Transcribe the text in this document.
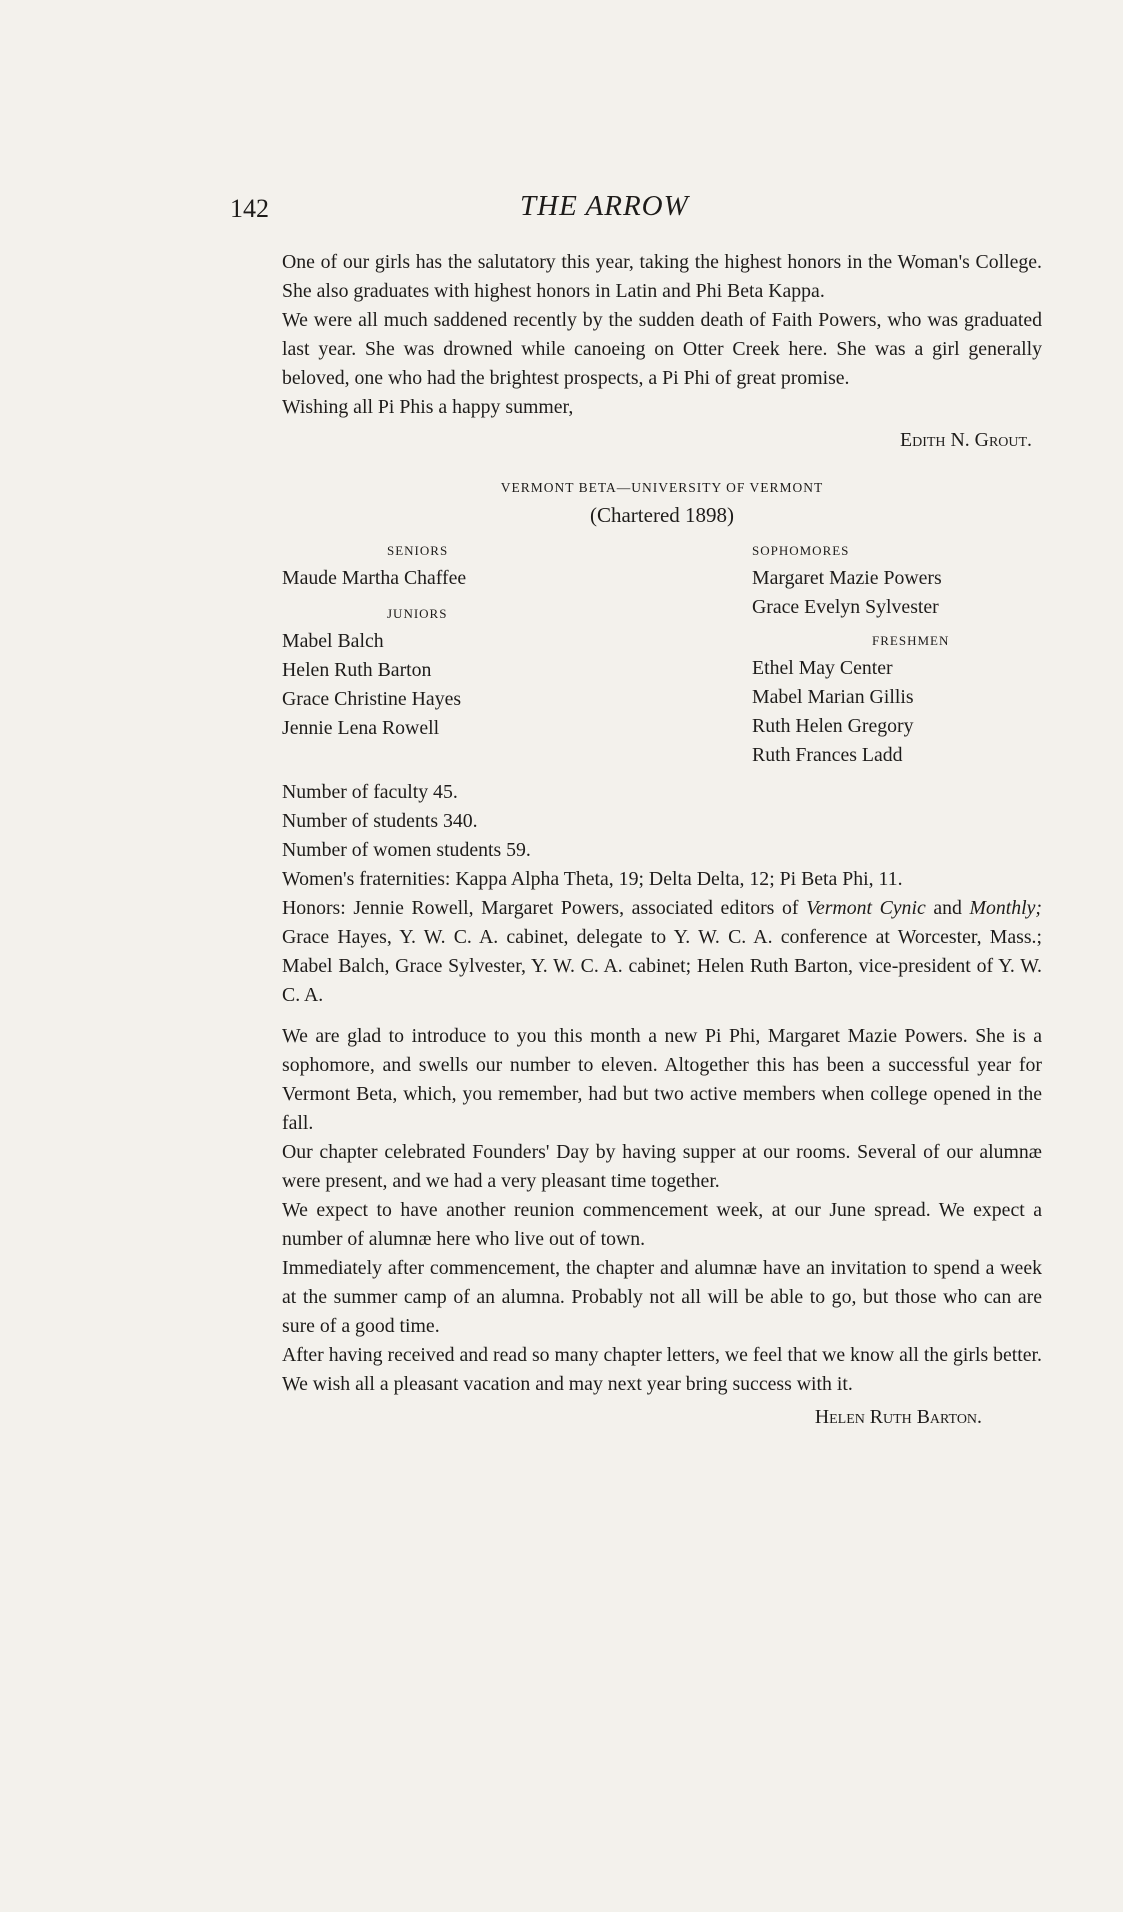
142	THE ARROW

One of our girls has the salutatory this year, taking the highest honors in the Woman's College. She also graduates with highest honors in Latin and Phi Beta Kappa.

We were all much saddened recently by the sudden death of Faith Powers, who was graduated last year. She was drowned while canoeing on Otter Creek here. She was a girl generally beloved, one who had the brightest prospects, a Pi Phi of great promise.

Wishing all Pi Phis a happy summer,

Edith N. Grout.
VERMONT BETA—UNIVERSITY OF VERMONT
(Chartered 1898)
SENIORS
Maude Martha Chaffee
JUNIORS
Mabel Balch
Helen Ruth Barton
Grace Christine Hayes
Jennie Lena Rowell
SOPHOMORES
Margaret Mazie Powers
Grace Evelyn Sylvester
FRESHMEN
Ethel May Center
Mabel Marian Gillis
Ruth Helen Gregory
Ruth Frances Ladd

Number of faculty 45.

Number of students 340.

Number of women students 59.

Women's fraternities: Kappa Alpha Theta, 19; Delta Delta, 12; Pi Beta Phi, 11.

Honors: Jennie Rowell, Margaret Powers, associated editors of Vermont Cynic and Monthly; Grace Hayes, Y. W. C. A. cabinet, delegate to Y. W. C. A. conference at Worcester, Mass.; Mabel Balch, Grace Sylvester, Y. W. C. A. cabinet; Helen Ruth Barton, vice-president of Y. W. C. A.

We are glad to introduce to you this month a new Pi Phi, Margaret Mazie Powers. She is a sophomore, and swells our number to eleven. Altogether this has been a successful year for Vermont Beta, which, you remember, had but two active members when college opened in the fall.

Our chapter celebrated Founders' Day by having supper at our rooms. Several of our alumnæ were present, and we had a very pleasant time together.

We expect to have another reunion commencement week, at our June spread. We expect a number of alumnæ here who live out of town.

Immediately after commencement, the chapter and alumnæ have an invitation to spend a week at the summer camp of an alumna. Probably not all will be able to go, but those who can are sure of a good time.

After having received and read so many chapter letters, we feel that we know all the girls better. We wish all a pleasant vacation and may next year bring success with it.

Helen Ruth Barton.
